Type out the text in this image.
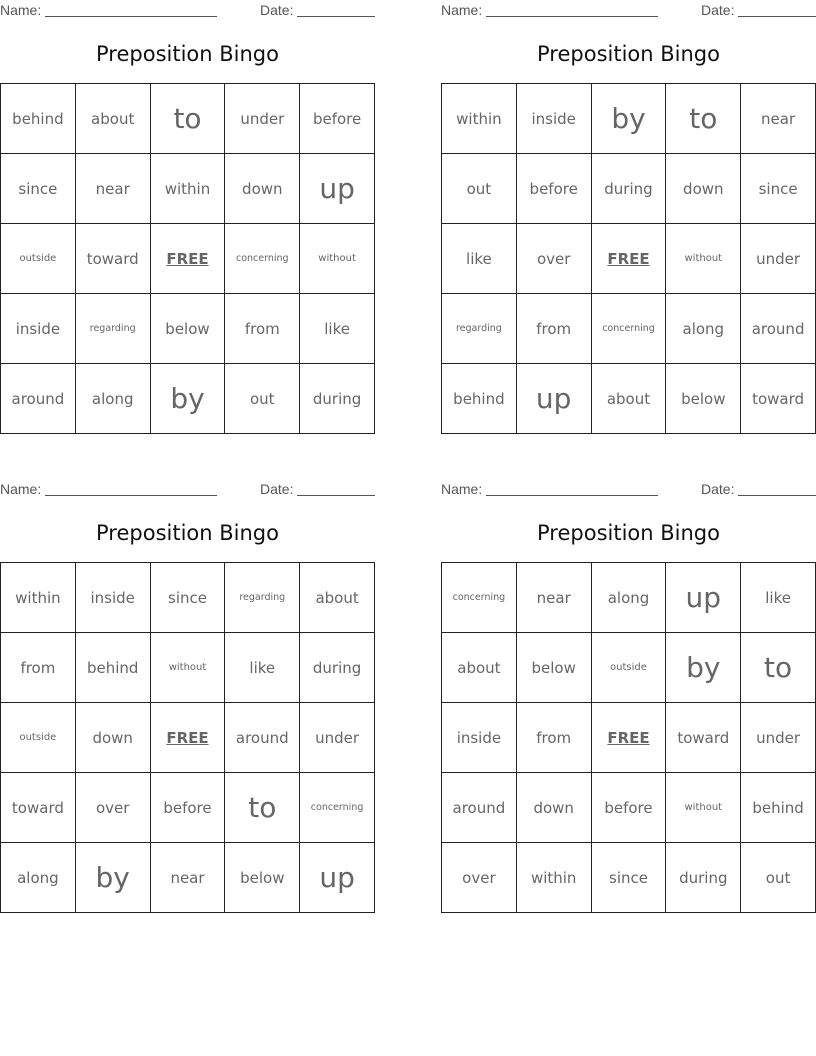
Name:	Date:
Preposition Bingo
behind	about	to	under	before
since	near	within	down	up
outside	toward	FREE	concerning	without
inside	regarding	below	from	like
around	along	by	out	during
Name:	Date:
Preposition Bingo
within	inside	by	to	near
out	before	during	down	since
like	over	FREE	without	under
regarding	from	concerning	along	around
behind	up	about	below	toward
Name:	Date:
Preposition Bingo
within	inside	since	regarding	about
from	behind	without	like	during
outside	down	FREE	around	under
toward	over	before	to	concerning
along	by	near	below	up
Name:	Date:
Preposition Bingo
concerning	near	along	up	like
about	below	outside	by	to
inside	from	FREE	toward	under
around	down	before	without	behind
over	within	since	during	out
